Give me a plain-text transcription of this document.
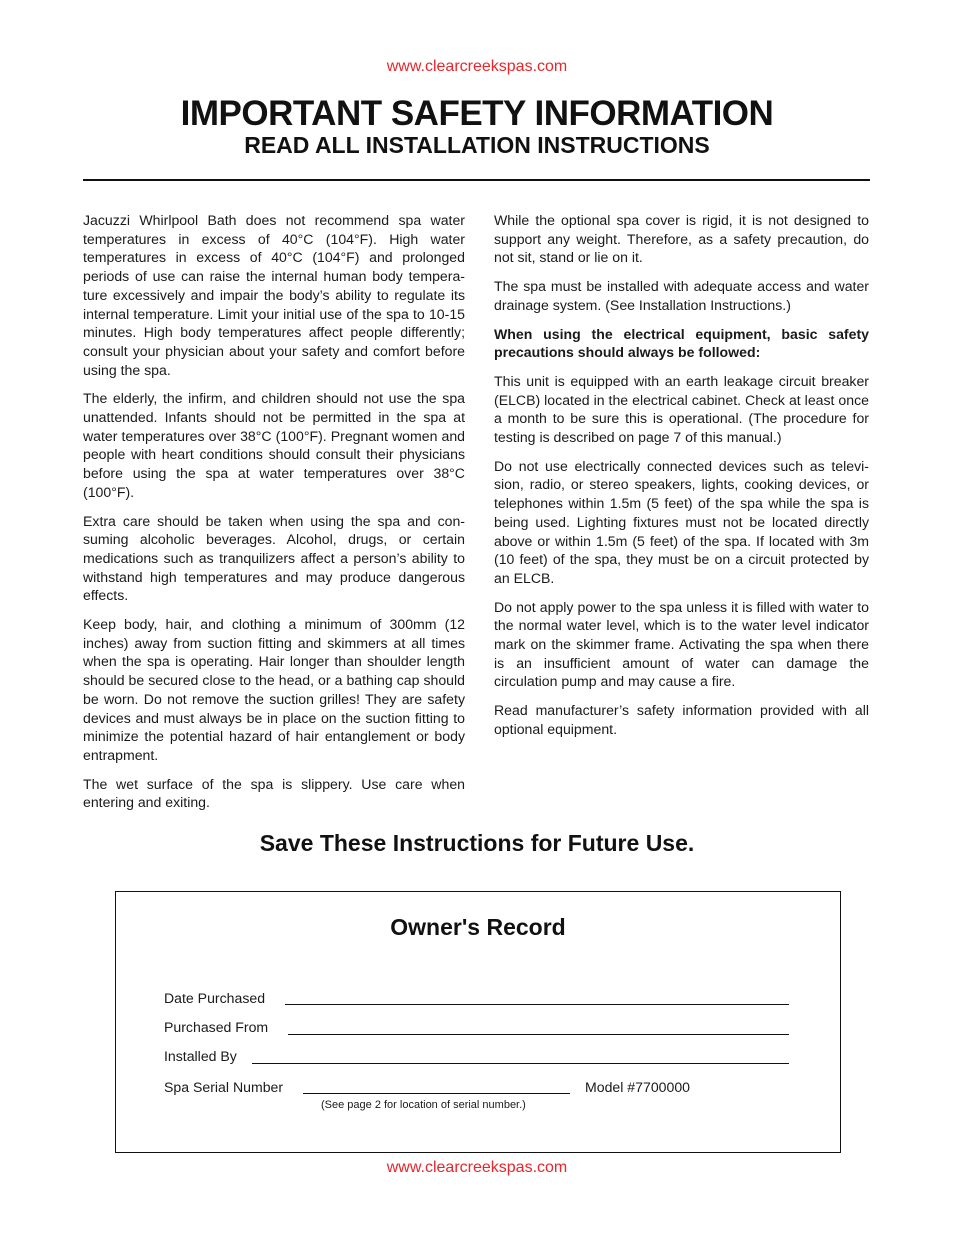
www.clearcreekspas.com
IMPORTANT SAFETY INFORMATION
READ ALL INSTALLATION INSTRUCTIONS

Jacuzzi Whirlpool Bath does not recommend spa water temperatures in excess of 40°C (104°F). High water temperatures in excess of 40°C (104°F) and prolonged periods of use can raise the internal human body temperature excessively and impair the body’s ability to regulate its internal temperature. Limit your initial use of the spa to 10-15 minutes. High body temperatures affect people differently; consult your physician about your safety and comfort before using the spa.

The elderly, the infirm, and children should not use the spa unattended. Infants should not be permitted in the spa at water temperatures over 38°C (100°F). Pregnant women and people with heart conditions should consult their physicians before using the spa at water temperatures over 38°C (100°F).

Extra care should be taken when using the spa and consuming alcoholic beverages. Alcohol, drugs, or certain medications such as tranquilizers affect a person’s ability to withstand high temperatures and may produce dangerous effects.

Keep body, hair, and clothing a minimum of 300mm (12 inches) away from suction fitting and skimmers at all times when the spa is operating. Hair longer than shoulder length should be secured close to the head, or a bathing cap should be worn. Do not remove the suction grilles! They are safety devices and must always be in place on the suction fitting to minimize the potential hazard of hair entanglement or body entrapment.

The wet surface of the spa is slippery. Use care when entering and exiting.

While the optional spa cover is rigid, it is not designed to support any weight. Therefore, as a safety precaution, do not sit, stand or lie on it.

The spa must be installed with adequate access and water drainage system. (See Installation Instructions.)

When using the electrical equipment, basic safety precautions should always be followed:

This unit is equipped with an earth leakage circuit breaker (ELCB) located in the electrical cabinet. Check at least once a month to be sure this is operational. (The procedure for testing is described on page 7 of this manual.)

Do not use electrically connected devices such as television, radio, or stereo speakers, lights, cooking devices, or telephones within 1.5m (5 feet) of the spa while the spa is being used. Lighting fixtures must not be located directly above or within 1.5m (5 feet) of the spa. If located with 3m (10 feet) of the spa, they must be on a circuit protected by an ELCB.

Do not apply power to the spa unless it is filled with water to the normal water level, which is to the water level indicator mark on the skimmer frame. Activating the spa when there is an insufficient amount of water can damage the circulation pump and may cause a fire.

Read manufacturer’s safety information provided with all optional equipment.

Save These Instructions for Future Use.
Owner's Record
Date Purchased
Purchased From
Installed By
Spa Serial Number	Model #7700000
(See page 2 for location of serial number.)
www.clearcreekspas.com
